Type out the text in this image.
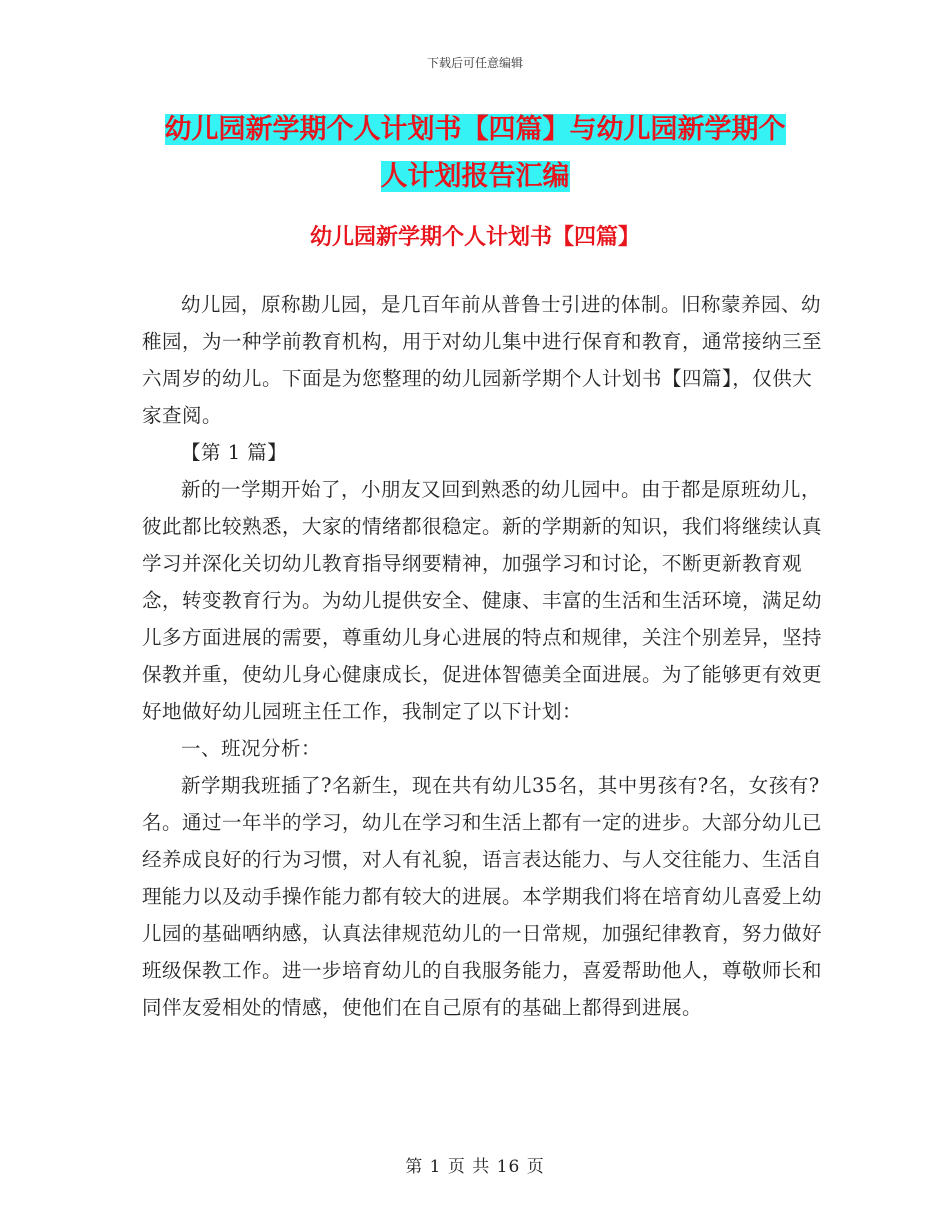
下载后可任意编辑
幼儿园新学期个人计划书【四篇】与幼儿园新学期个
人计划报告汇编
幼儿园新学期个人计划书【四篇】

幼儿园，原称勘儿园，是几百年前从普鲁士引进的体制。旧称蒙养园、幼稚园，为一种学前教育机构，用于对幼儿集中进行保育和教育，通常接纳三至六周岁的幼儿。下面是为您整理的幼儿园新学期个人计划书【四篇】，仅供大家查阅。

【第 1 篇】

新的一学期开始了，小朋友又回到熟悉的幼儿园中。由于都是原班幼儿，彼此都比较熟悉，大家的情绪都很稳定。新的学期新的知识，我们将继续认真学习并深化关切幼儿教育指导纲要精神，加强学习和讨论，不断更新教育观念，转变教育行为。为幼儿提供安全、健康、丰富的生活和生活环境，满足幼儿多方面进展的需要，尊重幼儿身心进展的特点和规律，关注个别差异，坚持保教并重，使幼儿身心健康成长，促进体智德美全面进展。为了能够更有效更好地做好幼儿园班主任工作，我制定了以下计划：

一、班况分析：

新学期我班插了?名新生，现在共有幼儿35名，其中男孩有?名，女孩有?名。通过一年半的学习，幼儿在学习和生活上都有一定的进步。大部分幼儿已经养成良好的行为习惯，对人有礼貌，语言表达能力、与人交往能力、生活自理能力以及动手操作能力都有较大的进展。本学期我们将在培育幼儿喜爱上幼儿园的基础哂纳感，认真法律规范幼儿的一日常规，加强纪律教育，努力做好班级保教工作。进一步培育幼儿的自我服务能力，喜爱帮助他人，尊敬师长和同伴友爱相处的情感，使他们在自己原有的基础上都得到进展。

第 1 页 共 16 页
